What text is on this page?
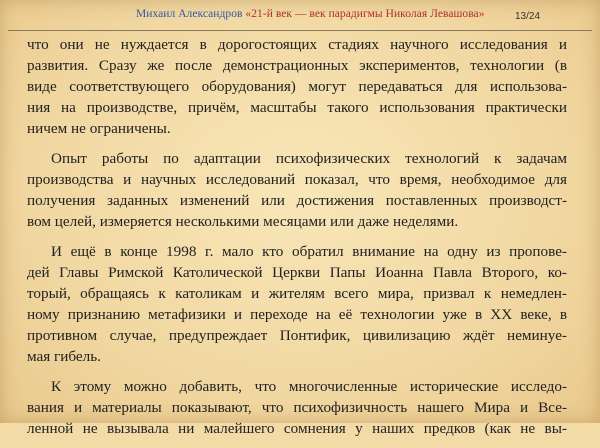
Михаил Александров «21-й век — век парадигмы Николая Левашова»	13/24
что они не нуждается в дорогостоящих стадиях научного исследования и
развития. Сразу же после демонстрационных экспериментов, технологии (в
виде соответствующего оборудования) могут передаваться для использова-
ния на производстве, причём, масштабы такого использования практически
ничем не ограничены.
Опыт работы по адаптации психофизических технологий к задачам
производства и научных исследований показал, что время, необходимое для
получения заданных изменений или достижения поставленных производст-
вом целей, измеряется несколькими месяцами или даже неделями.
И ещё в конце 1998 г. мало кто обратил внимание на одну из пропове-
дей Главы Римской Католической Церкви Папы Иоанна Павла Второго, ко-
торый, обращаясь к католикам и жителям всего мира, призвал к немедлен-
ному признанию метафизики и переходе на её технологии уже в XX веке, в
противном случае, предупреждает Понтифик, цивилизацию ждёт неминуе-
мая гибель.
К этому можно добавить, что многочисленные исторические исследо-
вания и материалы показывают, что психофизичность нашего Мира и Все-
ленной не вызывала ни малейшего сомнения у наших предков (как не вы-
